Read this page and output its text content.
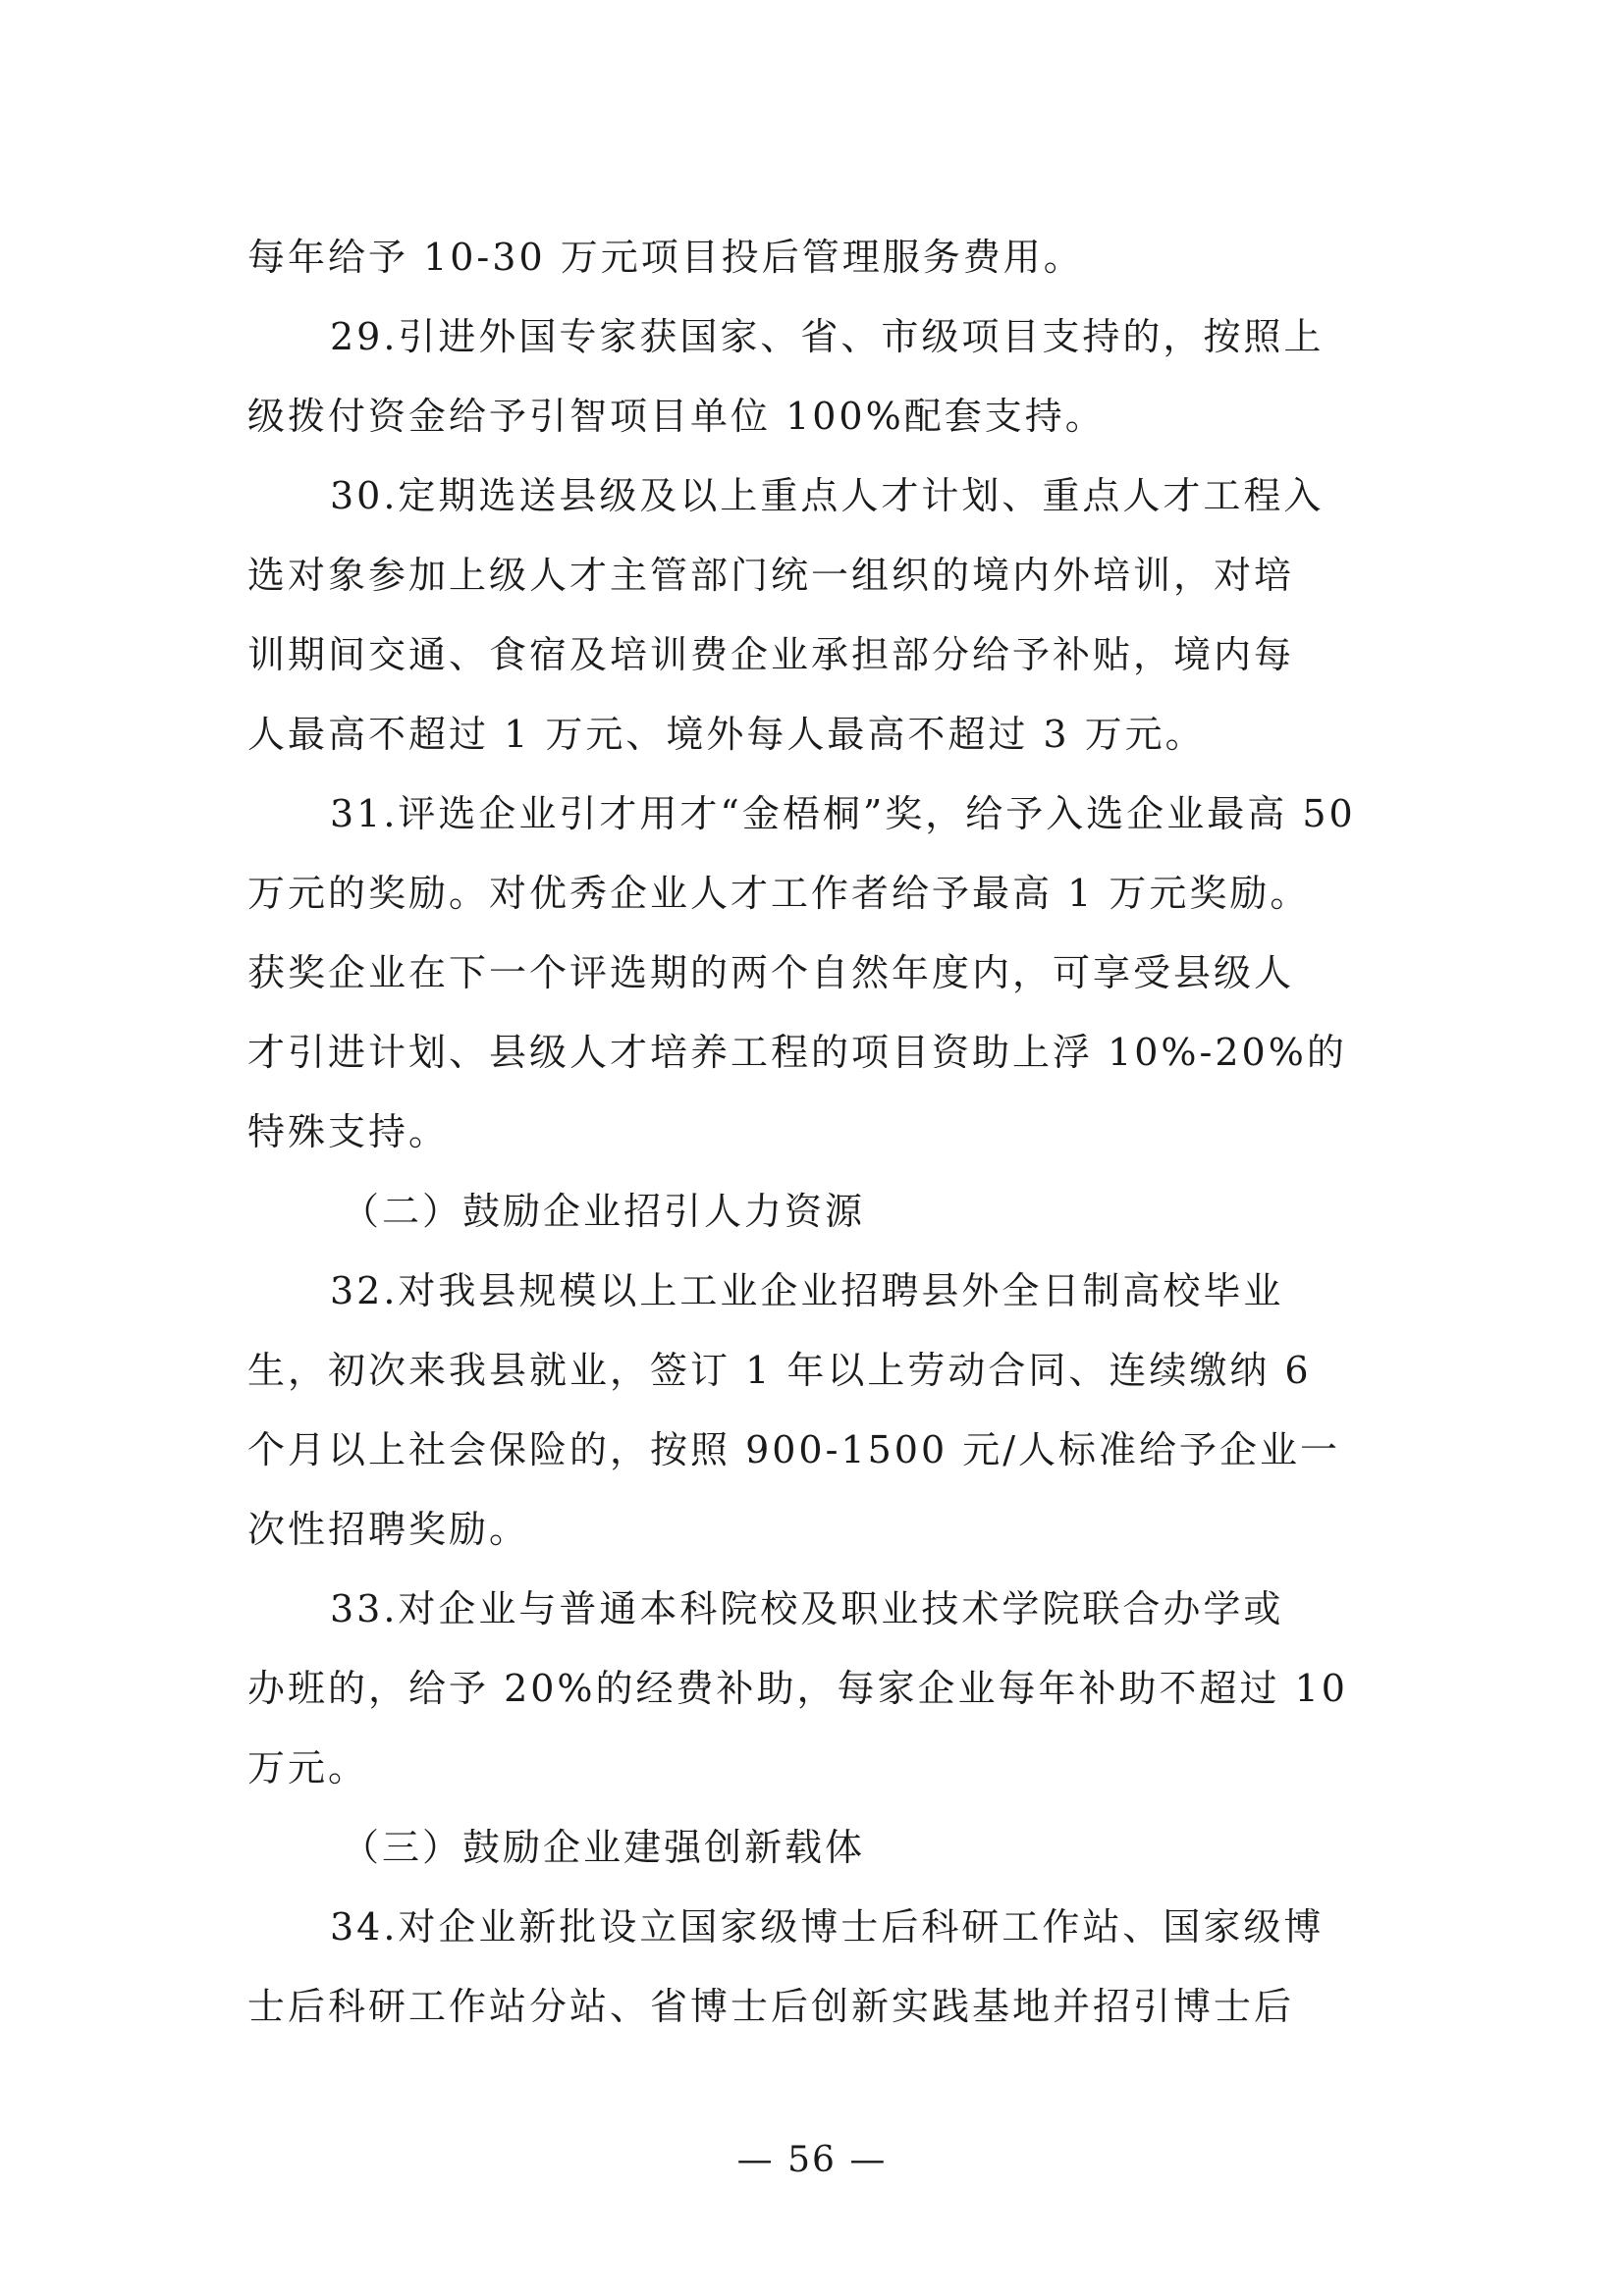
每年给予 10-30 万元项目投后管理服务费用。
29.引进外国专家获国家、省、市级项目支持的，按照上
级拨付资金给予引智项目单位 100%配套支持。
30.定期选送县级及以上重点人才计划、重点人才工程入
选对象参加上级人才主管部门统一组织的境内外培训，对培
训期间交通、食宿及培训费企业承担部分给予补贴，境内每
人最高不超过 1 万元、境外每人最高不超过 3 万元。
31.评选企业引才用才“金梧桐”奖，给予入选企业最高 50
万元的奖励。对优秀企业人才工作者给予最高 1 万元奖励。
获奖企业在下一个评选期的两个自然年度内，可享受县级人
才引进计划、县级人才培养工程的项目资助上浮 10%-20%的
特殊支持。
（二）鼓励企业招引人力资源
32.对我县规模以上工业企业招聘县外全日制高校毕业
生，初次来我县就业，签订 1 年以上劳动合同、连续缴纳 6
个月以上社会保险的，按照 900-1500 元/人标准给予企业一
次性招聘奖励。
33.对企业与普通本科院校及职业技术学院联合办学或
办班的，给予 20%的经费补助，每家企业每年补助不超过 10
万元。
（三）鼓励企业建强创新载体
34.对企业新批设立国家级博士后科研工作站、国家级博
士后科研工作站分站、省博士后创新实践基地并招引博士后
— 56 —
